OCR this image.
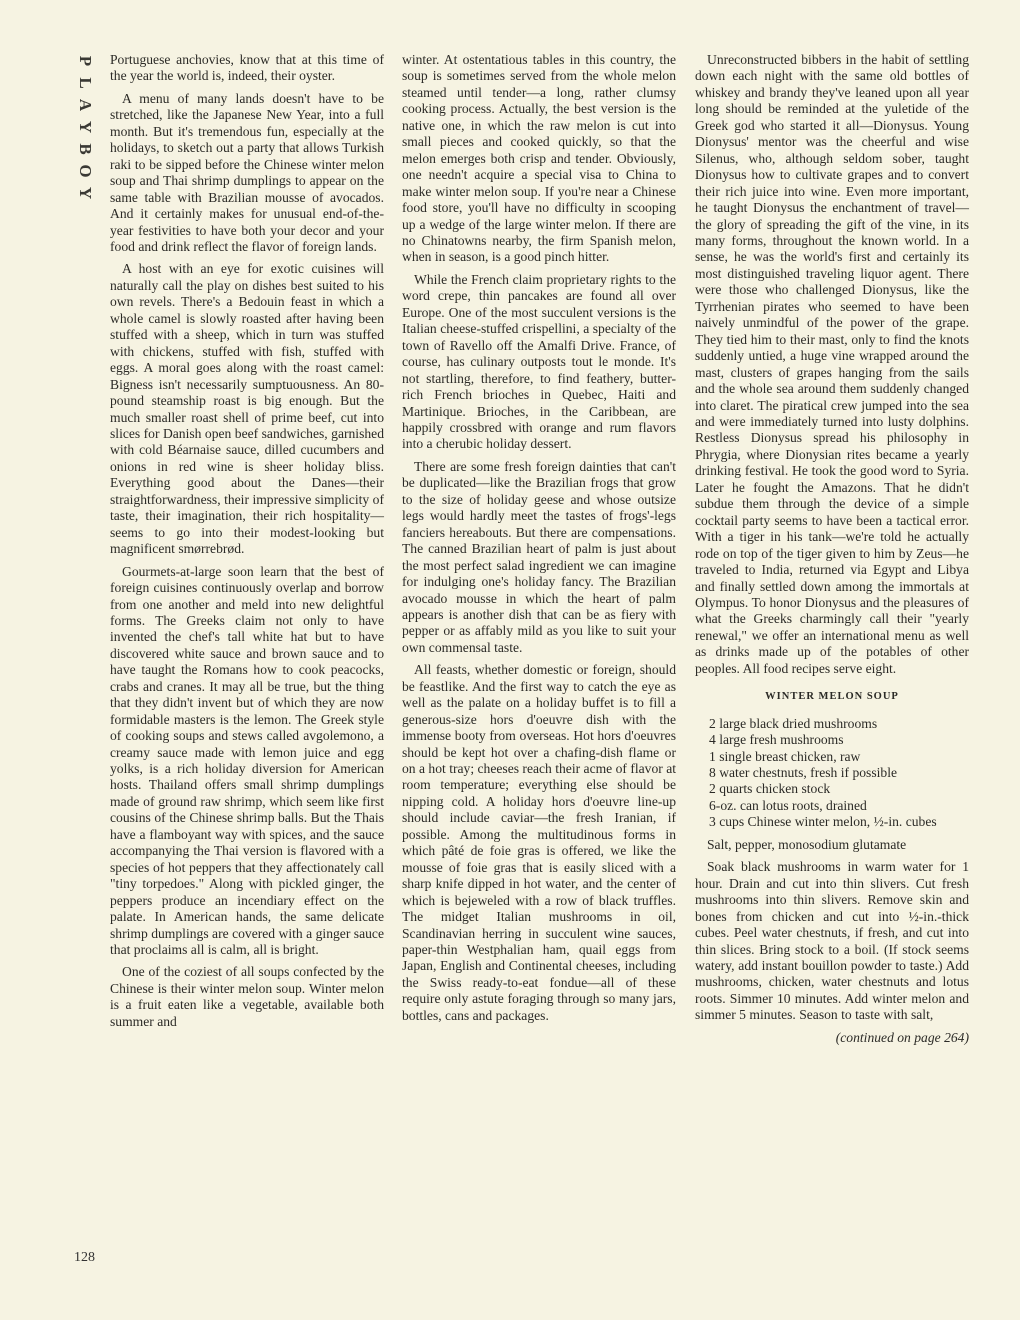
P
L
A
Y
B
O
Y

Portuguese anchovies, know that at this time of the year the world is, indeed, their oyster.

A menu of many lands doesn't have to be stretched, like the Japanese New Year, into a full month. But it's tremendous fun, especially at the holidays, to sketch out a party that allows Turkish raki to be sipped before the Chinese winter melon soup and Thai shrimp dumplings to appear on the same table with Brazilian mousse of avocados. And it certainly makes for unusual end-of-the-year festivities to have both your decor and your food and drink reflect the flavor of foreign lands.

A host with an eye for exotic cuisines will naturally call the play on dishes best suited to his own revels. There's a Bedouin feast in which a whole camel is slowly roasted after having been stuffed with a sheep, which in turn was stuffed with chickens, stuffed with fish, stuffed with eggs. A moral goes along with the roast camel: Bigness isn't necessarily sumptuousness. An 80-pound steamship roast is big enough. But the much smaller roast shell of prime beef, cut into slices for Danish open beef sandwiches, garnished with cold Béarnaise sauce, dilled cucumbers and onions in red wine is sheer holiday bliss. Everything good about the Danes—their straightforwardness, their impressive simplicity of taste, their imagination, their rich hospitality—seems to go into their modest-looking but magnificent smørrebrød.

Gourmets-at-large soon learn that the best of foreign cuisines continuously overlap and borrow from one another and meld into new delightful forms. The Greeks claim not only to have invented the chef's tall white hat but to have discovered white sauce and brown sauce and to have taught the Romans how to cook peacocks, crabs and cranes. It may all be true, but the thing that they didn't invent but of which they are now formidable masters is the lemon. The Greek style of cooking soups and stews called avgolemono, a creamy sauce made with lemon juice and egg yolks, is a rich holiday diversion for American hosts. Thailand offers small shrimp dumplings made of ground raw shrimp, which seem like first cousins of the Chinese shrimp balls. But the Thais have a flamboyant way with spices, and the sauce accompanying the Thai version is flavored with a species of hot peppers that they affectionately call "tiny torpedoes." Along with pickled ginger, the peppers produce an incendiary effect on the palate. In American hands, the same delicate shrimp dumplings are covered with a ginger sauce that proclaims all is calm, all is bright.

One of the coziest of all soups confected by the Chinese is their winter melon soup. Winter melon is a fruit eaten like a vegetable, available both summer and

winter. At ostentatious tables in this country, the soup is sometimes served from the whole melon steamed until tender—a long, rather clumsy cooking process. Actually, the best version is the native one, in which the raw melon is cut into small pieces and cooked quickly, so that the melon emerges both crisp and tender. Obviously, one needn't acquire a special visa to China to make winter melon soup. If you're near a Chinese food store, you'll have no difficulty in scooping up a wedge of the large winter melon. If there are no Chinatowns nearby, the firm Spanish melon, when in season, is a good pinch hitter.

While the French claim proprietary rights to the word crepe, thin pancakes are found all over Europe. One of the most succulent versions is the Italian cheese-stuffed crispellini, a specialty of the town of Ravello off the Amalfi Drive. France, of course, has culinary outposts tout le monde. It's not startling, therefore, to find feathery, butter-rich French brioches in Quebec, Haiti and Martinique. Brioches, in the Caribbean, are happily crossbred with orange and rum flavors into a cherubic holiday dessert.

There are some fresh foreign dainties that can't be duplicated—like the Brazilian frogs that grow to the size of holiday geese and whose outsize legs would hardly meet the tastes of frogs'-legs fanciers hereabouts. But there are compensations. The canned Brazilian heart of palm is just about the most perfect salad ingredient we can imagine for indulging one's holiday fancy. The Brazilian avocado mousse in which the heart of palm appears is another dish that can be as fiery with pepper or as affably mild as you like to suit your own commensal taste.

All feasts, whether domestic or foreign, should be feastlike. And the first way to catch the eye as well as the palate on a holiday buffet is to fill a generous-size hors d'oeuvre dish with the immense booty from overseas. Hot hors d'oeuvres should be kept hot over a chafing-dish flame or on a hot tray; cheeses reach their acme of flavor at room temperature; everything else should be nipping cold. A holiday hors d'oeuvre line-up should include caviar—the fresh Iranian, if possible. Among the multitudinous forms in which pâté de foie gras is offered, we like the mousse of foie gras that is easily sliced with a sharp knife dipped in hot water, and the center of which is bejeweled with a row of black truffles. The midget Italian mushrooms in oil, Scandinavian herring in succulent wine sauces, paper-thin Westphalian ham, quail eggs from Japan, English and Continental cheeses, including the Swiss ready-to-eat fondue—all of these require only astute foraging through so many jars, bottles, cans and packages.

Unreconstructed bibbers in the habit of settling down each night with the same old bottles of whiskey and brandy they've leaned upon all year long should be reminded at the yuletide of the Greek god who started it all—Dionysus. Young Dionysus' mentor was the cheerful and wise Silenus, who, although seldom sober, taught Dionysus how to cultivate grapes and to convert their rich juice into wine. Even more important, he taught Dionysus the enchantment of travel—the glory of spreading the gift of the vine, in its many forms, throughout the known world. In a sense, he was the world's first and certainly its most distinguished traveling liquor agent. There were those who challenged Dionysus, like the Tyrrhenian pirates who seemed to have been naively unmindful of the power of the grape. They tied him to their mast, only to find the knots suddenly untied, a huge vine wrapped around the mast, clusters of grapes hanging from the sails and the whole sea around them suddenly changed into claret. The piratical crew jumped into the sea and were immediately turned into lusty dolphins. Restless Dionysus spread his philosophy in Phrygia, where Dionysian rites became a yearly drinking festival. He took the good word to Syria. Later he fought the Amazons. That he didn't subdue them through the device of a simple cocktail party seems to have been a tactical error. With a tiger in his tank—we're told he actually rode on top of the tiger given to him by Zeus—he traveled to India, returned via Egypt and Libya and finally settled down among the immortals at Olympus. To honor Dionysus and the pleasures of what the Greeks charmingly call their "yearly renewal," we offer an international menu as well as drinks made up of the potables of other peoples. All food recipes serve eight.

WINTER MELON SOUP
2 large black dried mushrooms
4 large fresh mushrooms
1 single breast chicken, raw
8 water chestnuts, fresh if possible
2 quarts chicken stock
6-oz. can lotus roots, drained
3 cups Chinese winter melon, ½-in. cubes

Salt, pepper, monosodium glutamate

Soak black mushrooms in warm water for 1 hour. Drain and cut into thin slivers. Cut fresh mushrooms into thin slivers. Remove skin and bones from chicken and cut into ½-in.-thick cubes. Peel water chestnuts, if fresh, and cut into thin slices. Bring stock to a boil. (If stock seems watery, add instant bouillon powder to taste.) Add mushrooms, chicken, water chestnuts and lotus roots. Simmer 10 minutes. Add winter melon and simmer 5 minutes. Season to taste with salt,

(continued on page 264)
128
